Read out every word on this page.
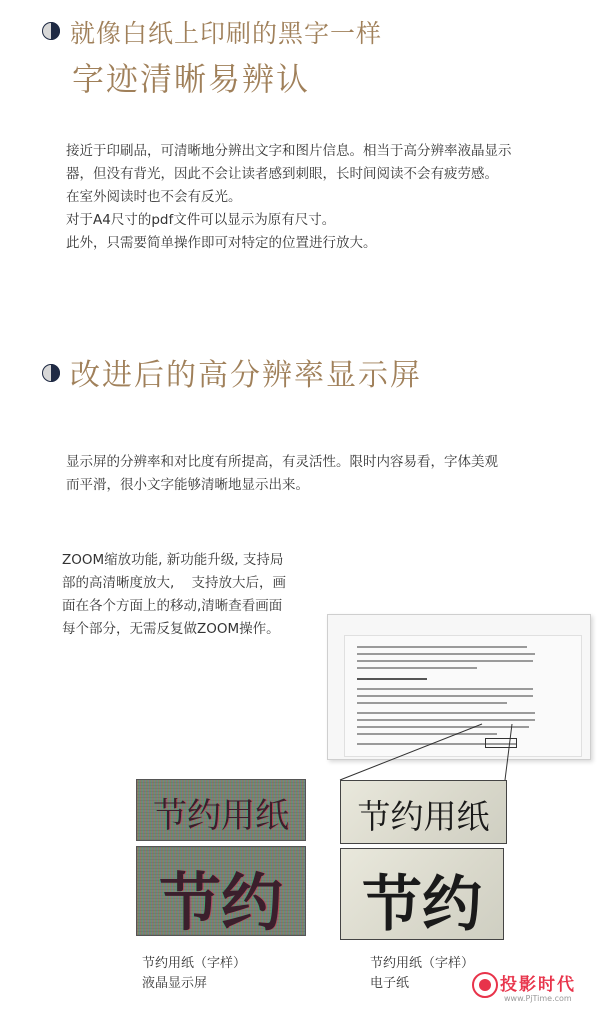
就像白纸上印刷的黑字一样
字迹清晰易辨认
接近于印刷品，可清晰地分辨出文字和图片信息。相当于高分辨率液晶显示
器，但没有背光，因此不会让读者感到刺眼，长时间阅读不会有疲劳感。
在室外阅读时也不会有反光。
对于A4尺寸的pdf文件可以显示为原有尺寸。
此外，只需要简单操作即可对特定的位置进行放大。
改进后的高分辨率显示屏
显示屏的分辨率和对比度有所提高，有灵活性。限时内容易看，字体美观
而平滑，很小文字能够清晰地显示出来。
ZOOM缩放功能, 新功能升级, 支持局
部的高清晰度放大,    支持放大后，画
面在各个方面上的移动,清晰查看画面
每个部分，无需反复做ZOOM操作。
节约用纸
节约
节约用纸
节约
节约用纸（字样）
液晶显示屏
节约用纸（字样）
电子纸	投影时代
www.PjTime.com
